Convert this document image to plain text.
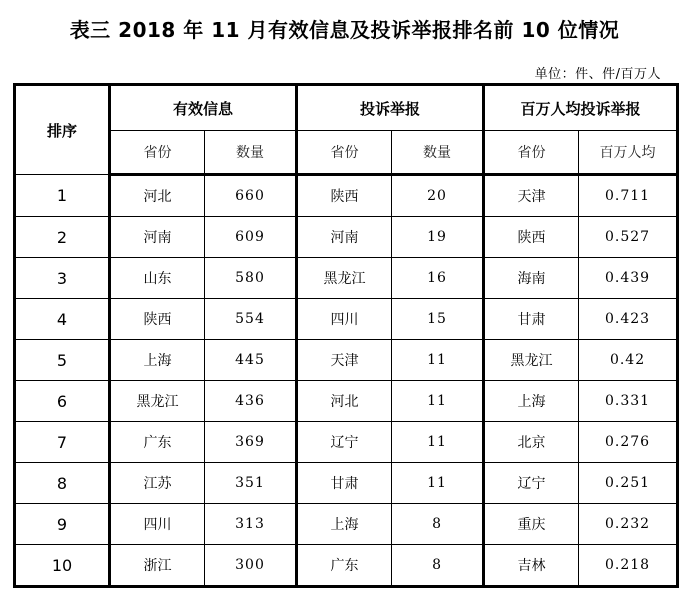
表三 2018 年 11 月有效信息及投诉举报排名前 10 位情况
单位：件、件/百万人
排序	有效信息		投诉举报		百万人均投诉举报	
	省份	数量	省份	数量	省份	百万人均
1	河北	660	陕西	20	天津	0.711
2	河南	609	河南	19	陕西	0.527
3	山东	580	黑龙江	16	海南	0.439
4	陕西	554	四川	15	甘肃	0.423
5	上海	445	天津	11	黑龙江	0.42
6	黑龙江	436	河北	11	上海	0.331
7	广东	369	辽宁	11	北京	0.276
8	江苏	351	甘肃	11	辽宁	0.251
9	四川	313	上海	8	重庆	0.232
10	浙江	300	广东	8	吉林	0.218
